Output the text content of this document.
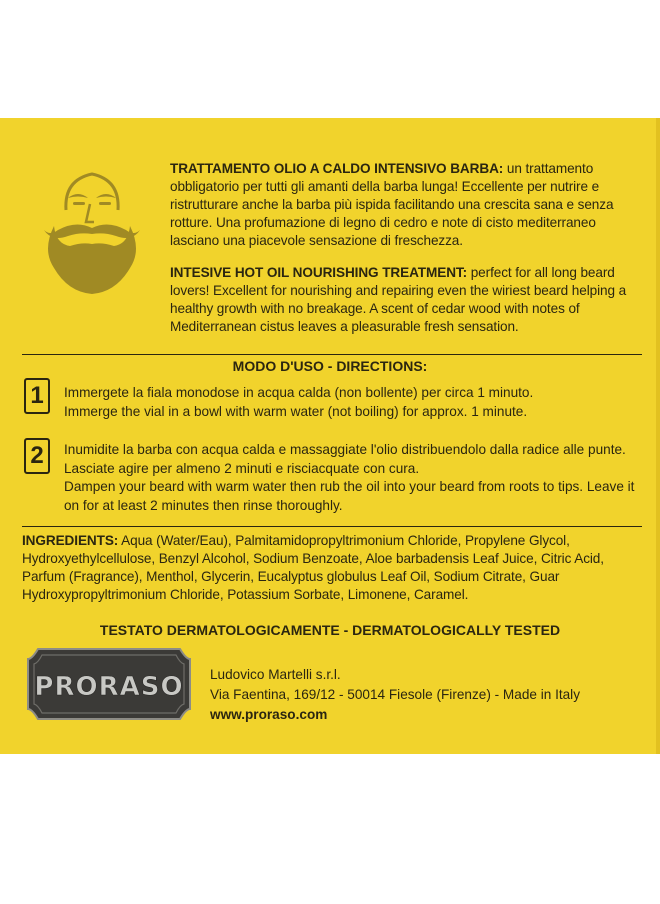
TRATTAMENTO OLIO A CALDO INTENSIVO BARBA: un trattamento obbligatorio per tutti gli amanti della barba lunga! Eccellente per nutrire e ristrutturare anche la barba più ispida facilitando una crescita sana e senza rotture. Una profumazione di legno di cedro e note di cisto mediterraneo lasciano una piacevole sensazione di freschezza.
INTESIVE HOT OIL NOURISHING TREATMENT: perfect for all long beard lovers! Excellent for nourishing and repairing even the wiriest beard helping a healthy growth with no breakage. A scent of cedar wood with notes of Mediterranean cistus leaves a pleasurable fresh sensation.
MODO D'USO - DIRECTIONS:
1	Immergete la fiala monodose in acqua calda (non bollente) per circa 1 minuto.
Immerge the vial in a bowl with warm water (not boiling) for approx. 1 minute.
2	Inumidite la barba con acqua calda e massaggiate l'olio distribuendolo dalla radice alle punte. Lasciate agire per almeno 2 minuti e risciacquate con cura.
Dampen your beard with warm water then rub the oil into your beard from roots to tips. Leave it on for at least 2 minutes then rinse thoroughly.
INGREDIENTS: Aqua (Water/Eau), Palmitamidopropyltrimonium Chloride, Propylene Glycol, Hydroxyethylcellulose, Benzyl Alcohol, Sodium Benzoate, Aloe barbadensis Leaf Juice, Citric Acid, Parfum (Fragrance), Menthol, Glycerin, Eucalyptus globulus Leaf Oil, Sodium Citrate, Guar Hydroxypropyltrimonium Chloride, Potassium Sorbate, Limonene, Caramel.
TESTATO DERMATOLOGICAMENTE - DERMATOLOGICALLY TESTED
PRORASO Ludovico Martelli s.r.l.
Via Faentina, 169/12 - 50014 Fiesole (Firenze) - Made in Italy
www.proraso.com
